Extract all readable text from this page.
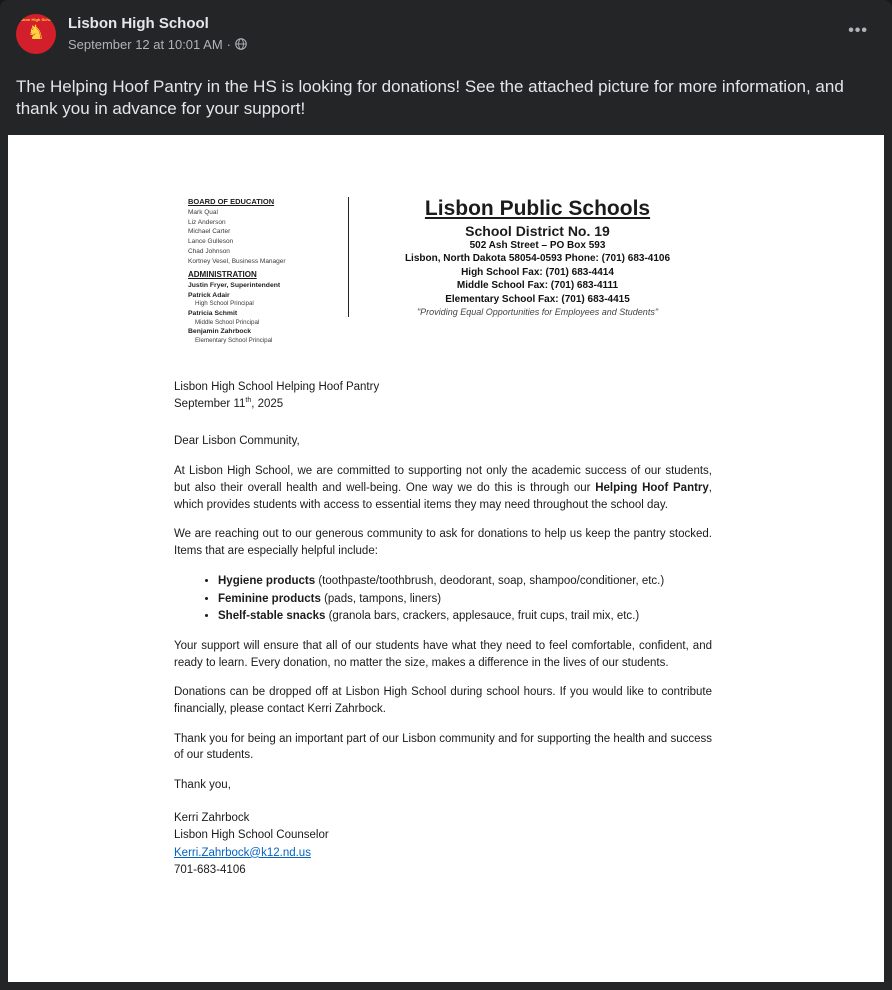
Lisbon High School
♞ Lisbon High School
September 12 at 10:01 AM ·
•••
The Helping Hoof Pantry in the HS is looking for donations! See the attached picture for more information, and thank you in advance for your support!
BOARD OF EDUCATION
Mark Qual
Liz Anderson
Michael Carter
Lance Gulleson
Chad Johnson
Kortney Vesel, Business Manager
ADMINISTRATION
Justin Fryer, Superintendent
Patrick Adair
High School Principal
Patricia Schmit
Middle School Principal
Benjamin Zahrbock
Elementary School Principal
Lisbon Public Schools
School District No. 19
502 Ash Street – PO Box 593
Lisbon, North Dakota 58054-0593 Phone: (701) 683-4106
High School Fax: (701) 683-4414
Middle School Fax: (701) 683-4111
Elementary School Fax: (701) 683-4415
"Providing Equal Opportunities for Employees and Students"
Lisbon High School Helping Hoof Pantry
September 11th, 2025
Dear Lisbon Community,

At Lisbon High School, we are committed to supporting not only the academic success of our students, but also their overall health and well-being. One way we do this is through our Helping Hoof Pantry, which provides students with access to essential items they may need throughout the school day.

We are reaching out to our generous community to ask for donations to help us keep the pantry stocked. Items that are especially helpful include:

• Hygiene products (toothpaste/toothbrush, deodorant, soap, shampoo/conditioner, etc.)
• Feminine products (pads, tampons, liners)
• Shelf-stable snacks (granola bars, crackers, applesauce, fruit cups, trail mix, etc.)

Your support will ensure that all of our students have what they need to feel comfortable, confident, and ready to learn. Every donation, no matter the size, makes a difference in the lives of our students.

Donations can be dropped off at Lisbon High School during school hours. If you would like to contribute financially, please contact Kerri Zahrbock.

Thank you for being an important part of our Lisbon community and for supporting the health and success of our students.

Thank you,
Kerri Zahrbock
Lisbon High School Counselor
Kerri.Zahrbock@k12.nd.us
701-683-4106
